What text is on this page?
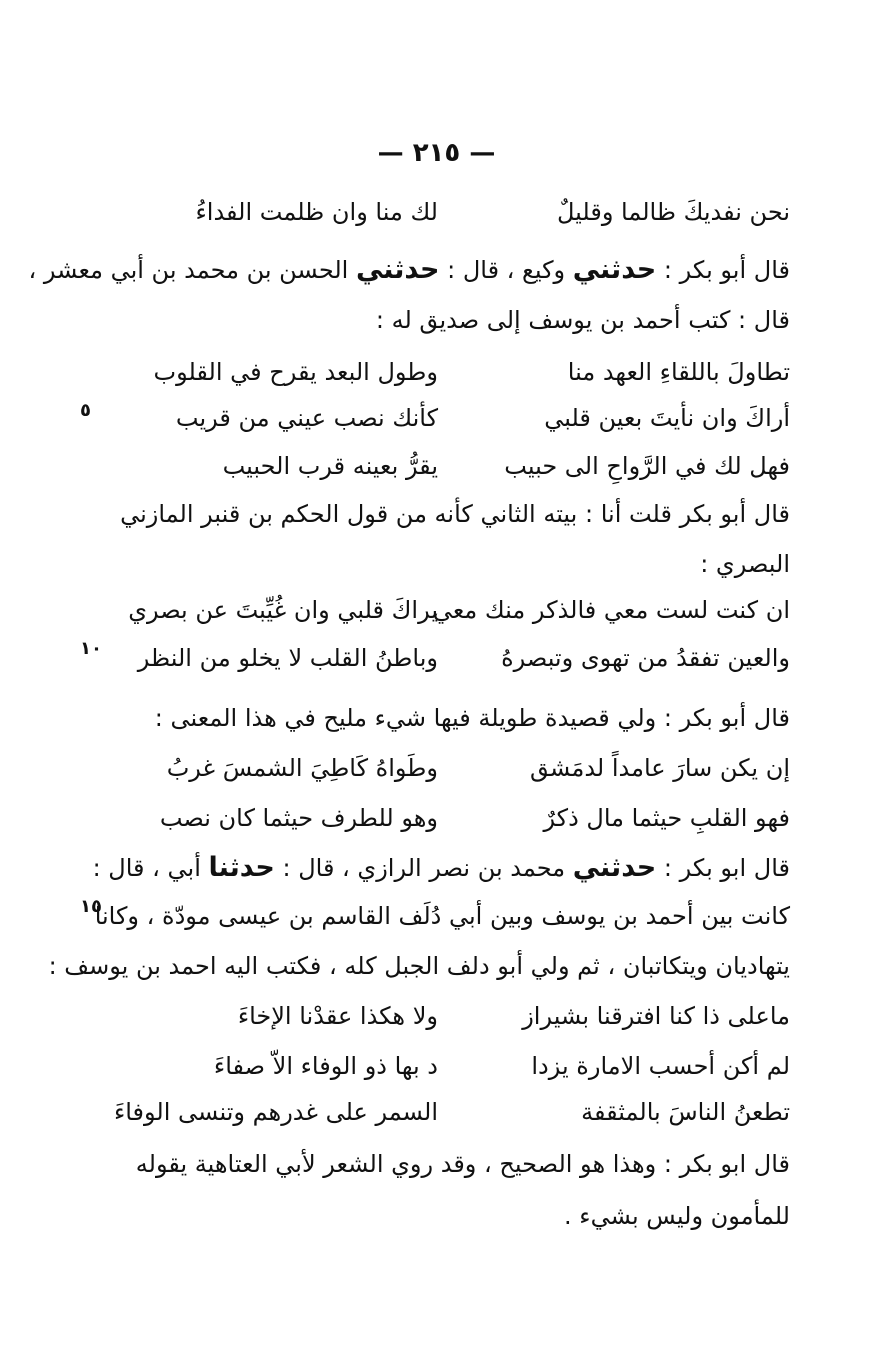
— ٢١٥ —
نحن نفديكَ ظالما وقليلٌ
لك منا وان ظلمت الفداءُ
قال أبو بكر : حدثني وكيع ، قال : حدثني الحسن بن محمد بن أبي معشر ،
قال : كتب أحمد بن يوسف إلى صديق له :
تطاولَ باللقاءِ العهد منا
وطول البعد يقرح في القلوب
أراكَ وان نأيتَ بعين قلبي
كأنك نصب عيني من قريب
فهل لك في الرَّواحِ الى حبيب
يقرُّ بعينه قرب الحبيب
٥
قال أبو بكر قلت أنا : بيته الثاني كأنه من قول الحكم بن قنبر المازني
البصري :
ان كنت لست معي فالذكر منك معي
يراكَ قلبي وان غُيِّبتَ عن بصري
والعين تفقدُ من تهوى وتبصرهُ
وباطنُ القلب لا يخلو من النظر
١٠
قال أبو بكر : ولي قصيدة طويلة فيها شيء مليح في هذا المعنى :
إن يكن سارَ عامداً لدمَشق
وطَواهُ كَاطِيَ الشمسَ غربُ
فهو القلبِ حيثما مال ذكرٌ
وهو للطرف حيثما كان نصب
قال ابو بكر : حدثني محمد بن نصر الرازي ، قال : حدثنا أبي ، قال :
كانت بين أحمد بن يوسف وبين أبي دُلَف القاسم بن عيسى مودّة ، وكانا
يتهاديان ويتكاتبان ، ثم ولي أبو دلف الجبل كله ، فكتب اليه احمد بن يوسف :
١٥
ماعلى ذا كنا افترقنا بشيراز
ولا هكذا عقدْنا الإخاءَ
لم أكن أحسب الامارة يزدا
د بها ذو الوفاء الاّ صفاءَ
تطعنُ الناسَ بالمثقفة
السمر على غدرهم وتنسى الوفاءَ
قال ابو بكر : وهذا هو الصحيح ، وقد روي الشعر لأبي العتاهية يقوله
للمأمون وليس بشيء .
